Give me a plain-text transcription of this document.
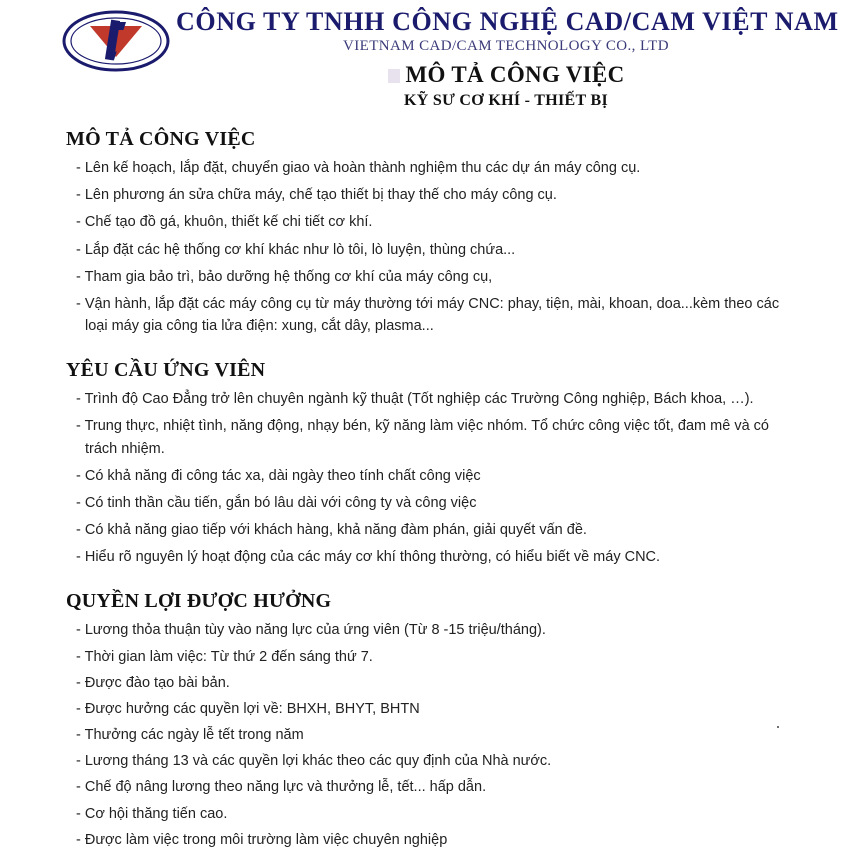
CÔNG TY TNHH CÔNG NGHỆ CAD/CAM VIỆT NAM
VIETNAM CAD/CAM TECHNOLOGY CO., LTD
MÔ TẢ CÔNG VIỆC
KỸ SƯ CƠ KHÍ - THIẾT BỊ
MÔ TẢ CÔNG VIỆC
- Lên kế hoạch, lắp đặt, chuyển giao và hoàn thành nghiệm thu các dự án máy công cụ.
- Lên phương án sửa chữa máy, chế tạo thiết bị thay thế cho máy công cụ.
- Chế tạo đồ gá, khuôn, thiết kế chi tiết cơ khí.
- Lắp đặt các hệ thống cơ khí khác như lò tôi, lò luyện, thùng chứa...
- Tham gia bảo trì, bảo dưỡng hệ thống cơ khí của máy công cụ,
- Vận hành, lắp đặt các máy công cụ từ máy thường tới máy CNC: phay, tiện, mài, khoan, doa...kèm theo các loại máy gia công tia lửa điện: xung, cắt dây, plasma...
YÊU CẦU ỨNG VIÊN
- Trình độ Cao Đẳng trở lên chuyên ngành kỹ thuật (Tốt nghiệp các Trường Công nghiệp, Bách khoa, …).
- Trung thực, nhiệt tình, năng động, nhạy bén, kỹ năng làm việc nhóm. Tổ chức công việc tốt, đam mê và có trách nhiệm.
- Có khả năng đi công tác xa, dài ngày theo tính chất công việc
- Có tinh thần cầu tiến, gắn bó lâu dài với công ty và công việc
- Có khả năng giao tiếp với khách hàng, khả năng đàm phán, giải quyết vấn đề.
- Hiểu rõ nguyên lý hoạt động của các máy cơ khí thông thường, có hiểu biết về máy CNC.
QUYỀN LỢI ĐƯỢC HƯỞNG
- Lương thỏa thuận tùy vào năng lực của ứng viên (Từ 8 -15 triệu/tháng).
- Thời gian làm việc: Từ thứ 2 đến sáng thứ 7.
- Được đào tạo bài bản.
- Được hưởng các quyền lợi về: BHXH, BHYT, BHTN
- Thưởng các ngày lễ tết trong năm
- Lương tháng 13 và các quyền lợi khác theo các quy định của Nhà nước.
- Chế độ nâng lương theo năng lực và thưởng lễ, tết... hấp dẫn.
- Cơ hội thăng tiến cao.
- Được làm việc trong môi trường làm việc chuyên nghiệp
